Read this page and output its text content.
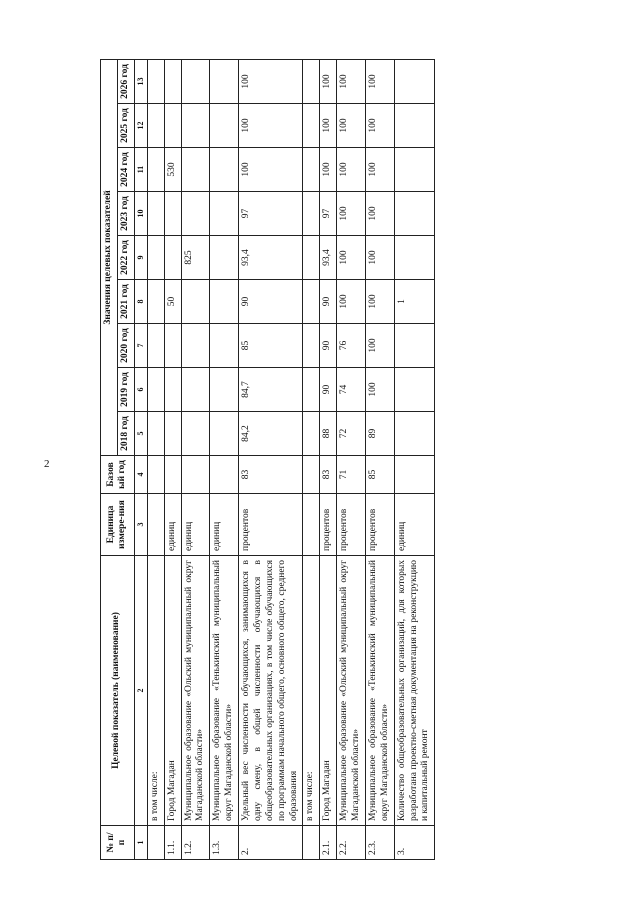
2
№ п/п	Целевой показатель (наименование)	Единица измере-ния	Базов ый год	Значения целевых показателей								
				2018 год	2019 год	2020 год	2021 год	2022 год	2023 год	2024 год	2025 год	2026 год
1	2	3	4	5	6	7	8	9	10	11	12	13
	в том числе:											
1.1.	Город Магадан	единиц					50			530		
1.2.	Муниципальное образование «Ольский муниципальный округ Магаданской области»	единиц						825				
1.3.	Муниципальное образование «Тенькинский муниципальный округ Магаданской области»	единиц										
2.	Удельный вес численности обучающихся, занимающихся в одну смену, в общей численности обучающихся в общеобразовательных организациях, в том числе обучающихся по программам начального общего, основного общего, среднего образования	процентов	83	84,2	84,7	85	90	93,4	97	100	100	100
	в том числе:											
2.1.	Город Магадан	процентов	83	88	90	90	90	93,4	97	100	100	100
2.2.	Муниципальное образование «Ольский муниципальный округ Магаданской области»	процентов	71	72	74	76	100	100	100	100	100	100
2.3.	Муниципальное образование «Тенькинский муниципальный округ Магаданской области»	процентов	85	89	100	100	100	100	100	100	100	100
3.	Количество общеобразовательных организаций, для которых разработана проектно-сметная документация на реконструкцию и капитальный ремонт	единиц					1					
